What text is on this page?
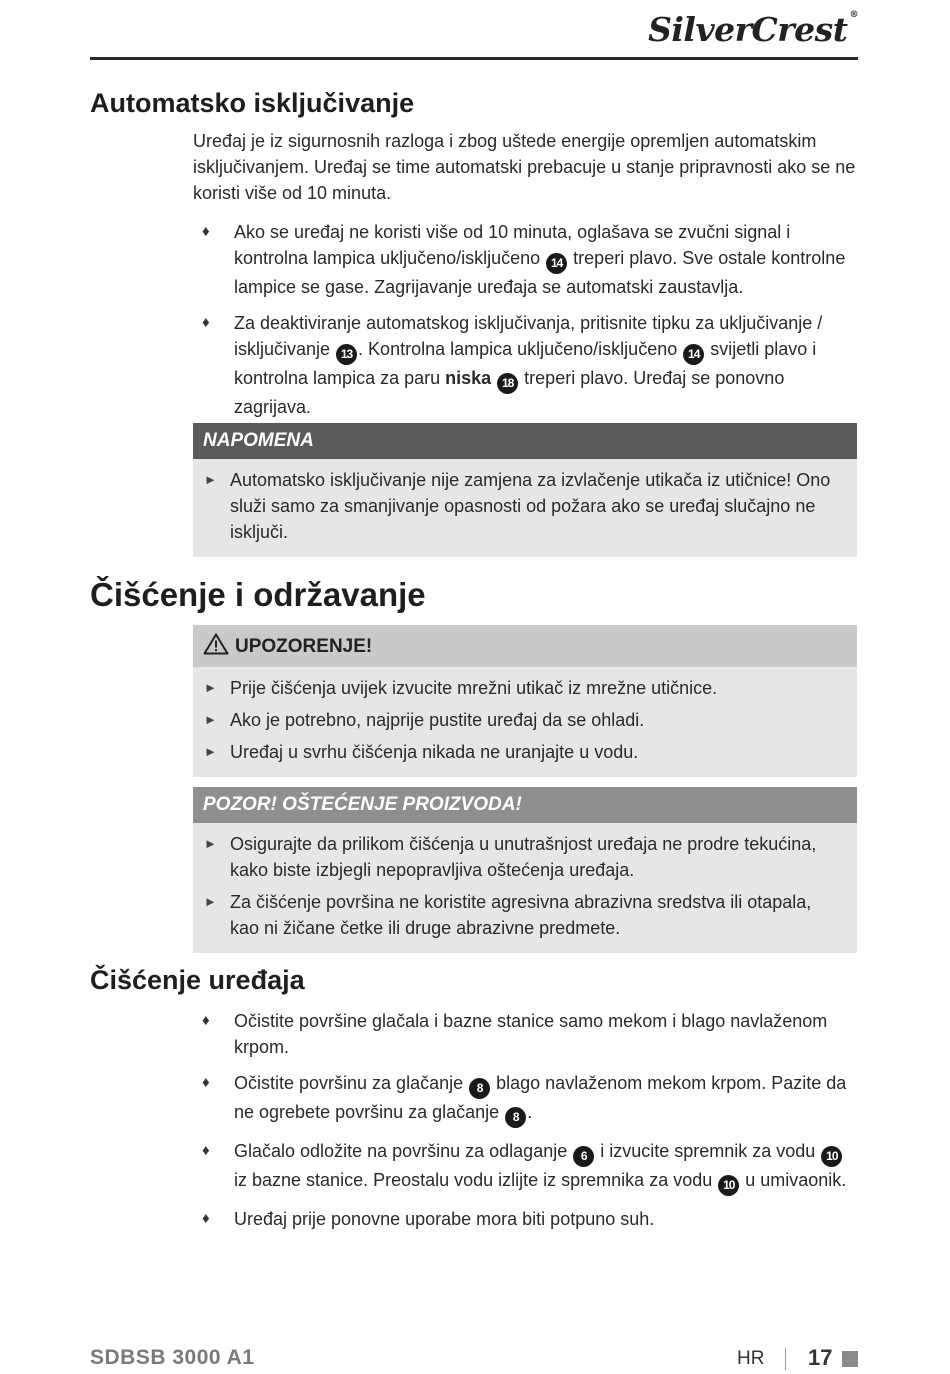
SilverCrest ®
Automatsko isključivanje

Uređaj je iz sigurnosnih razloga i zbog uštede energije opremljen automatskim isključivanjem. Uređaj se time automatski prebacuje u stanje pripravnosti ako se ne koristi više od 10 minuta.

♦ Ako se uređaj ne koristi više od 10 minuta, oglašava se zvučni signal i kontrolna lampica uključeno/isključeno 14 treperi plavo. Sve ostale kontrolne lampice se gase. Zagrijavanje uređaja se automatski zaustavlja.
♦ Za deaktiviranje automatskog isključivanja, pritisnite tipku za uključivanje / isključivanje 13 . Kontrolna lampica uključeno/isključeno 14 svijetli plavo i kontrolna lampica za paru niska 18 treperi plavo. Uređaj se ponovno zagrijava.
NAPOMENA
► Automatsko isključivanje nije zamjena za izvlačenje utikača iz utičnice! Ono služi samo za smanjivanje opasnosti od požara ako se uređaj slučajno ne isključi.
Čišćenje i održavanje
UPOZORENJE!
► Prije čišćenja uvijek izvucite mrežni utikač iz mrežne utičnice.
► Ako je potrebno, najprije pustite uređaj da se ohladi.
► Uređaj u svrhu čišćenja nikada ne uranjajte u vodu.
POZOR! OŠTEĆENJE PROIZVODA!
► Osigurajte da prilikom čišćenja u unutrašnjost uređaja ne prodre tekućina, kako biste izbjegli nepopravljiva oštećenja uređaja.
► Za čišćenje površina ne koristite agresivna abrazivna sredstva ili otapala, kao ni žičane četke ili druge abrazivne predmete.
Čišćenje uređaja
♦ Očistite površine glačala i bazne stanice samo mekom i blago navlaženom krpom.
♦ Očistite površinu za glačanje 8 blago navlaženom mekom krpom. Pazite da ne ogrebete površinu za glačanje 8 .
♦ Glačalo odložite na površinu za odlaganje 6 i izvucite spremnik za vodu 10 iz bazne stanice. Preostalu vodu izlijte iz spremnika za vodu 10 u umivaonik.
♦ Uređaj prije ponovne uporabe mora biti potpuno suh.
SDBSB 3000 A1	HR 17
